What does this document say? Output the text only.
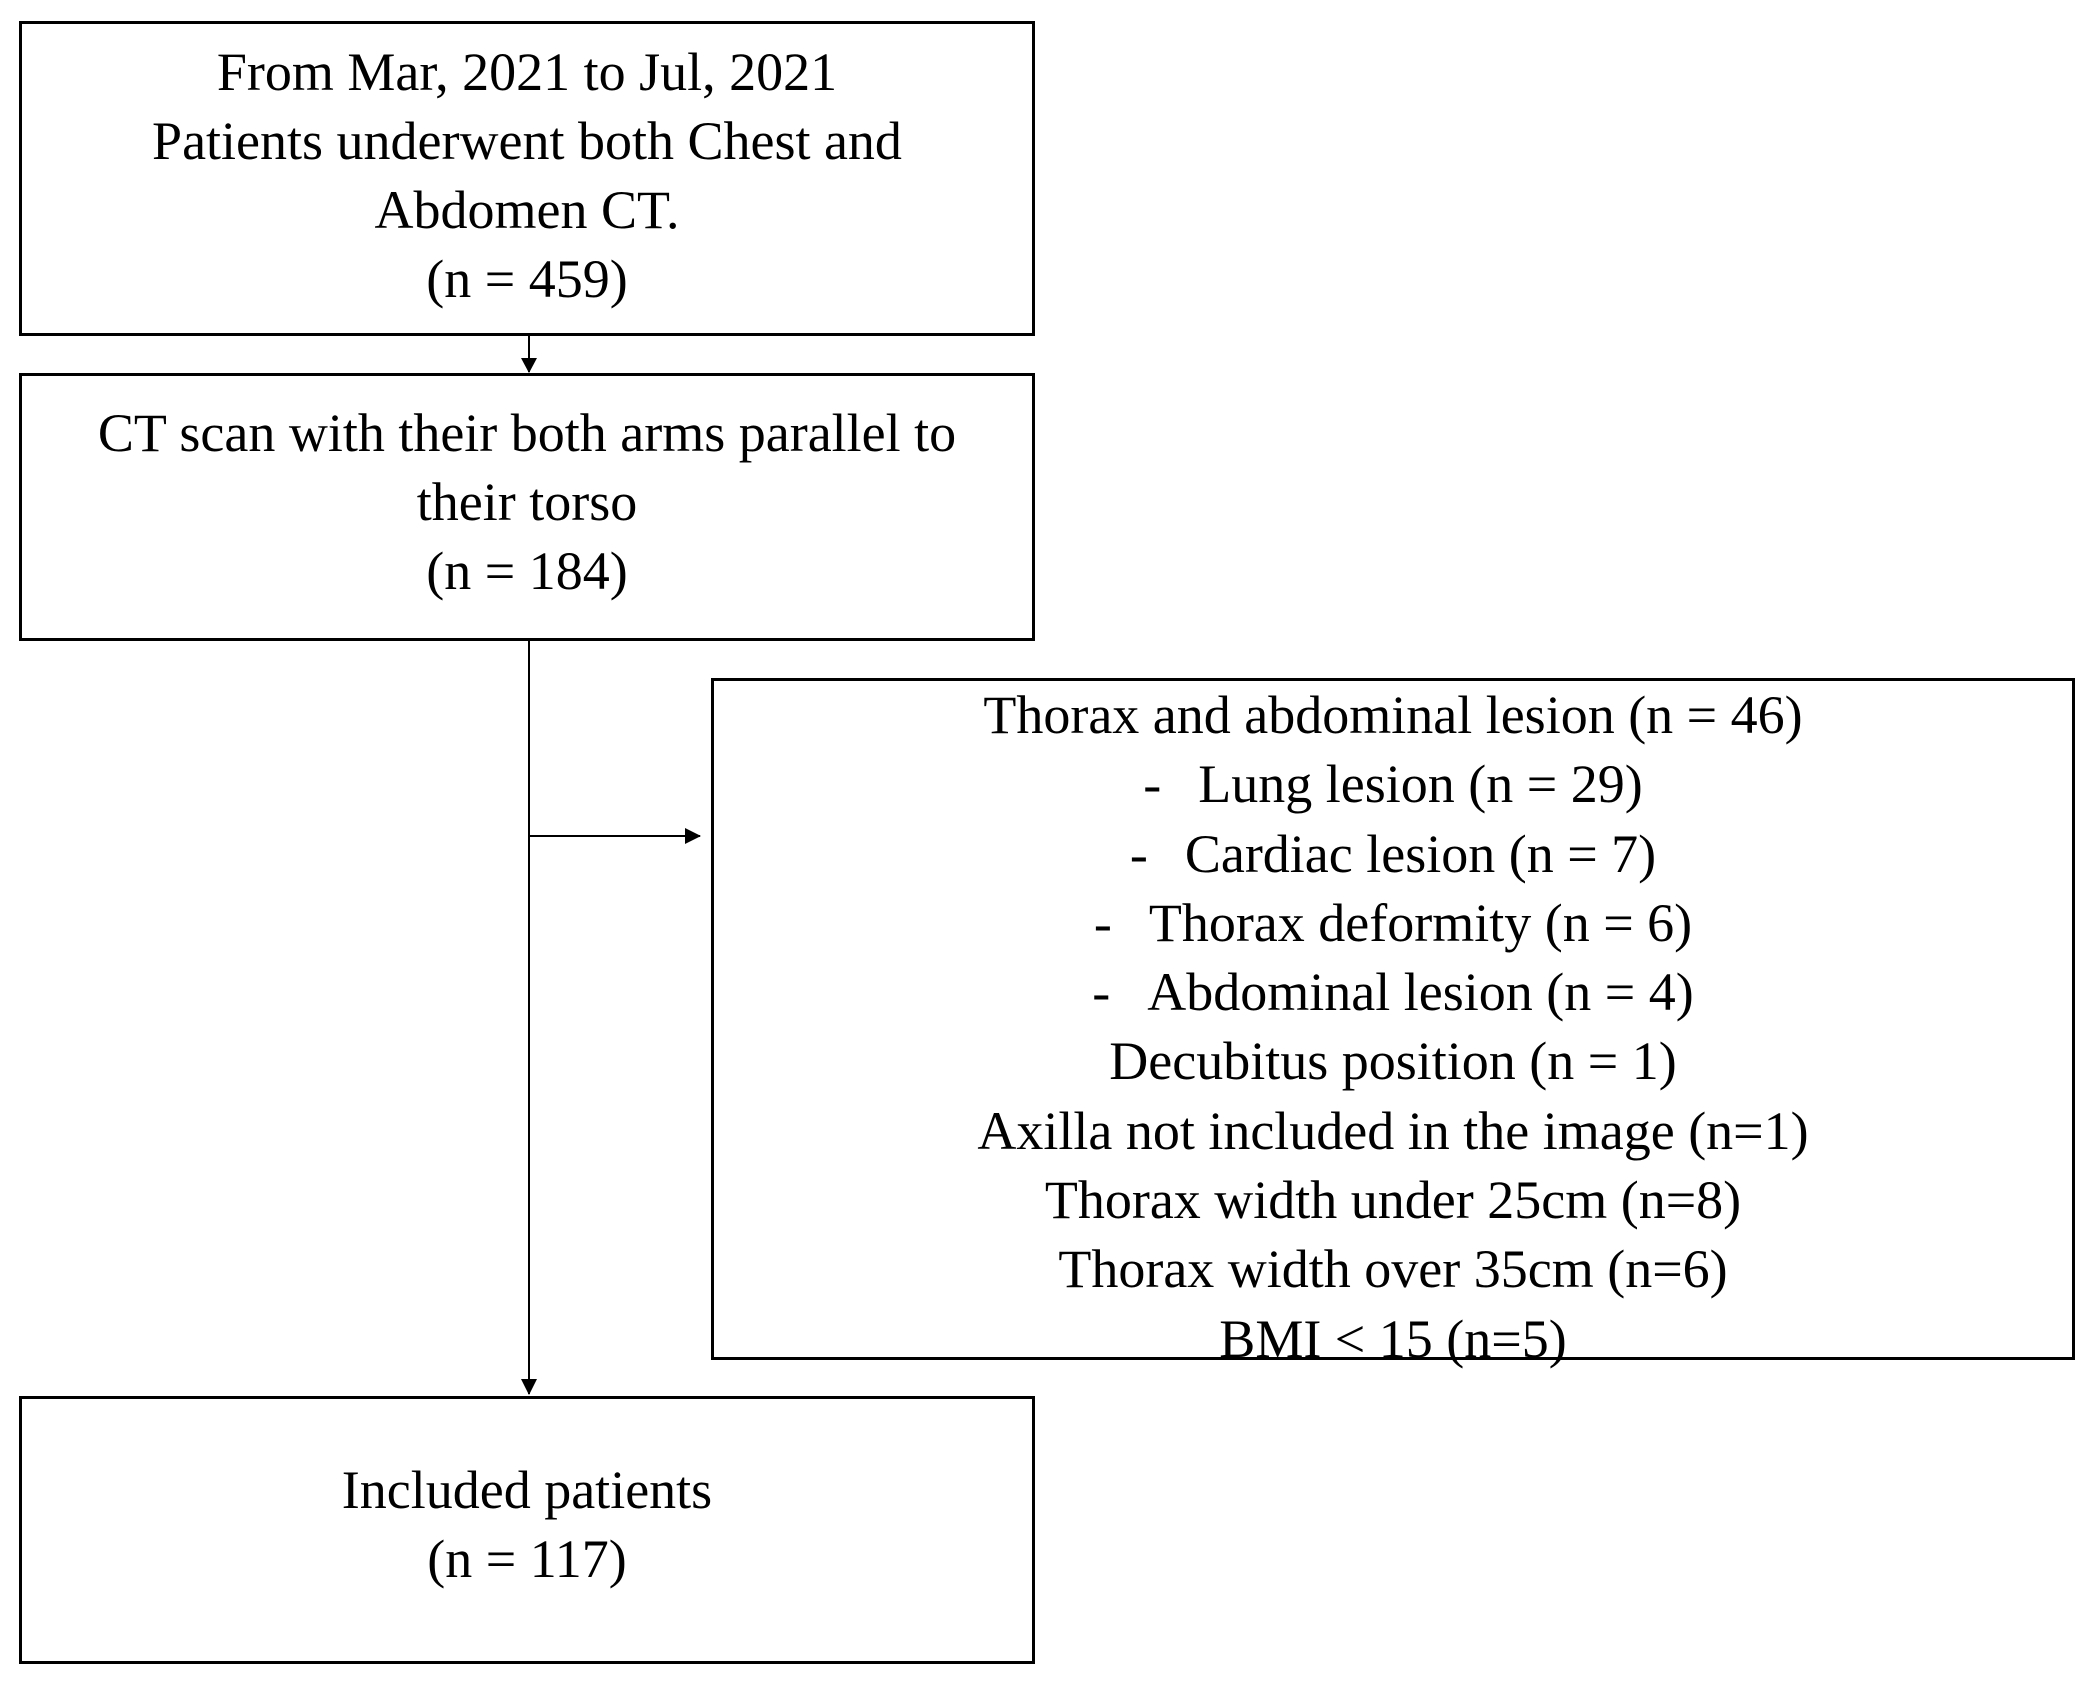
From Mar, 2021 to Jul, 2021
Patients underwent both Chest and
Abdomen CT.
(n = 459)
CT scan with their both arms parallel to
their torso
(n = 184)
Thorax and abdominal lesion (n = 46)
- Lung lesion (n = 29)
- Cardiac lesion (n = 7)
- Thorax deformity (n = 6)
- Abdominal lesion (n = 4)
Decubitus position (n = 1)
Axilla not included in the image (n=1)
Thorax width under 25cm (n=8)
Thorax width over 35cm (n=6)
BMI < 15 (n=5)
Included patients
(n = 117)
